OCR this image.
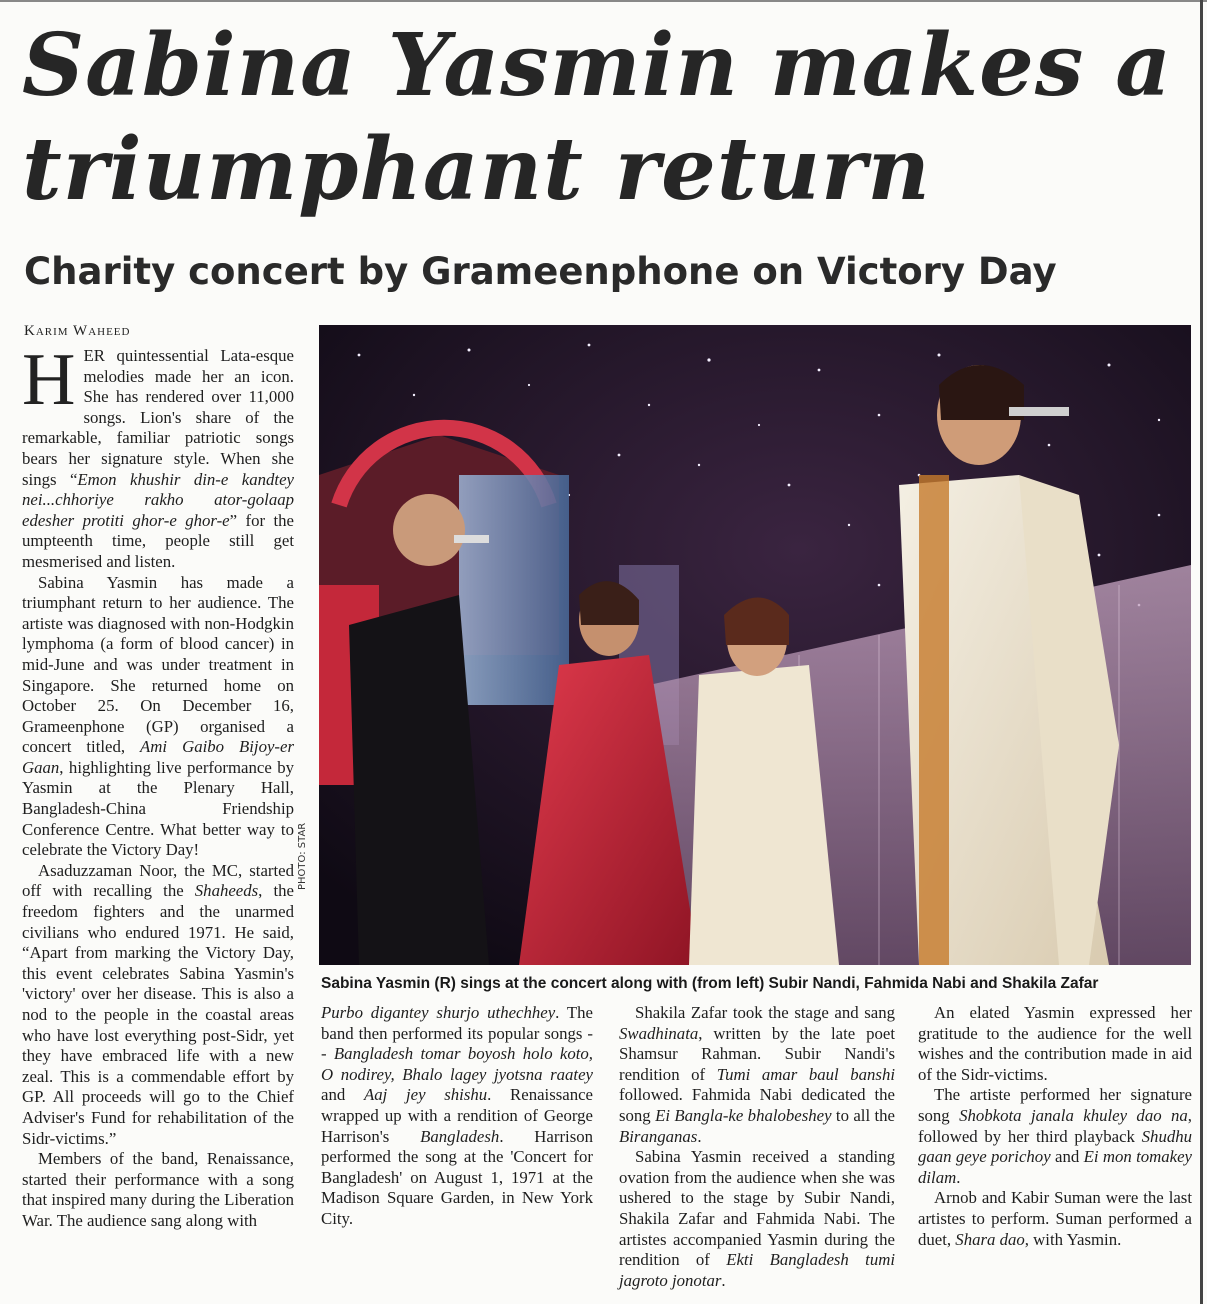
Sabina Yasmin makes a triumphant return
Charity concert by Grameenphone on Victory Day
Karim Waheed

HER quintessential Lata-esque melodies made her an icon. She has rendered over 11,000 songs. Lion's share of the remarkable, familiar patriotic songs bears her signature style. When she sings “Emon khushir din-e kandtey nei...chhoriye rakho ator-golaap edesher protiti ghor-e ghor-e” for the umpteenth time, people still get mesmerised and listen.

Sabina Yasmin has made a triumphant return to her audience. The artiste was diagnosed with non-Hodgkin lymphoma (a form of blood cancer) in mid-June and was under treatment in Singapore. She returned home on October 25. On December 16, Grameenphone (GP) organised a concert titled, Ami Gaibo Bijoy-er Gaan, highlighting live performance by Yasmin at the Plenary Hall, Bangladesh-China Friendship Conference Centre. What better way to celebrate the Victory Day!

Asaduzzaman Noor, the MC, started off with recalling the Shaheeds, the freedom fighters and the unarmed civilians who endured 1971. He said, “Apart from marking the Victory Day, this event celebrates Sabina Yasmin's 'victory' over her disease. This is also a nod to the people in the coastal areas who have lost everything post-Sidr, yet they have embraced life with a new zeal. This is a commendable effort by GP. All proceeds will go to the Chief Adviser's Fund for rehabilitation of the Sidr-victims.”

Members of the band, Renaissance, started their performance with a song that inspired many during the Liberation War. The audience sang along with

PHOTO: STAR
Sabina Yasmin (R) sings at the concert along with (from left) Subir Nandi, Fahmida Nabi and Shakila Zafar

Purbo digantey shurjo uthechhey. The band then performed its popular songs -- Bangladesh tomar boyosh holo koto, O nodirey, Bhalo lagey jyotsna raatey and Aaj jey shishu. Renaissance wrapped up with a rendition of George Harrison's Bangladesh. Harrison performed the song at the 'Concert for Bangladesh' on August 1, 1971 at the Madison Square Garden, in New York City.

Shakila Zafar took the stage and sang Swadhinata, written by the late poet Shamsur Rahman. Subir Nandi's rendition of Tumi amar baul banshi followed. Fahmida Nabi dedicated the song Ei Bangla-ke bhalobeshey to all the Biranganas.

Sabina Yasmin received a standing ovation from the audience when she was ushered to the stage by Subir Nandi, Shakila Zafar and Fahmida Nabi. The artistes accompanied Yasmin during the rendition of Ekti Bangladesh tumi jagroto jonotar.

An elated Yasmin expressed her gratitude to the audience for the well wishes and the contribution made in aid of the Sidr-victims.

The artiste performed her signature song Shobkota janala khuley dao na, followed by her third playback Shudhu gaan geye porichoy and Ei mon tomakey dilam.

Arnob and Kabir Suman were the last artistes to perform. Suman performed a duet, Shara dao, with Yasmin.
